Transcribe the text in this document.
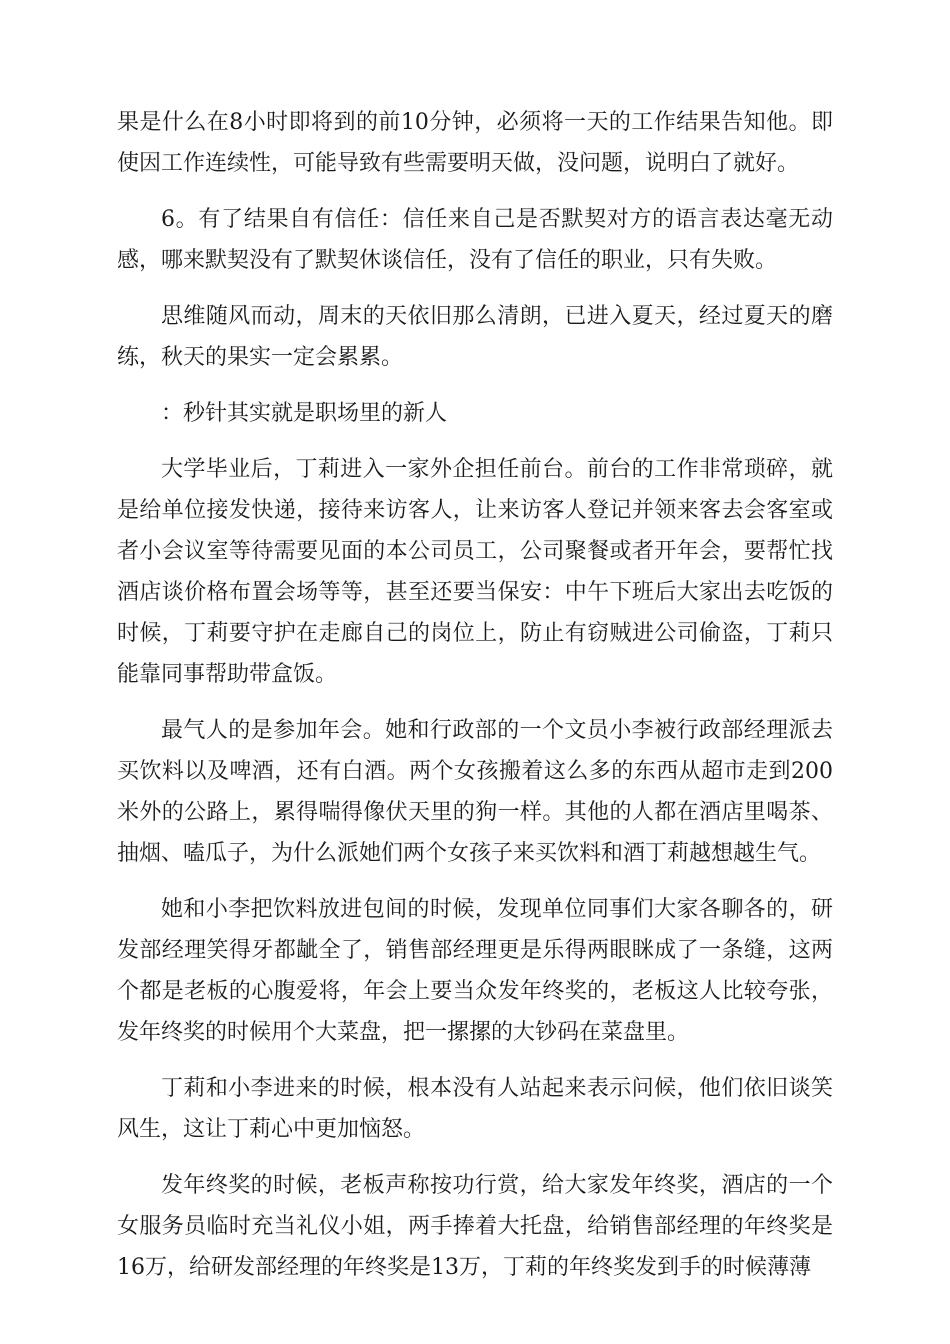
果是什么在8小时即将到的前10分钟，必须将一天的工作结果告知他。即使因工作连续性，可能导致有些需要明天做，没问题，说明白了就好。

6。有了结果自有信任：信任来自己是否默契对方的语言表达毫无动感，哪来默契没有了默契休谈信任，没有了信任的职业，只有失败。

思维随风而动，周末的天依旧那么清朗，已进入夏天，经过夏天的磨练，秋天的果实一定会累累。

：秒针其实就是职场里的新人

大学毕业后，丁莉进入一家外企担任前台。前台的工作非常琐碎，就是给单位接发快递，接待来访客人，让来访客人登记并领来客去会客室或者小会议室等待需要见面的本公司员工，公司聚餐或者开年会，要帮忙找酒店谈价格布置会场等等，甚至还要当保安：中午下班后大家出去吃饭的时候，丁莉要守护在走廊自己的岗位上，防止有窃贼进公司偷盗，丁莉只能靠同事帮助带盒饭。

最气人的是参加年会。她和行政部的一个文员小李被行政部经理派去买饮料以及啤酒，还有白酒。两个女孩搬着这么多的东西从超市走到200米外的公路上，累得喘得像伏天里的狗一样。其他的人都在酒店里喝茶、抽烟、嗑瓜子，为什么派她们两个女孩子来买饮料和酒丁莉越想越生气。

她和小李把饮料放进包间的时候，发现单位同事们大家各聊各的，研发部经理笑得牙都龇全了，销售部经理更是乐得两眼眯成了一条缝，这两个都是老板的心腹爱将，年会上要当众发年终奖的，老板这人比较夸张，发年终奖的时候用个大菜盘，把一摞摞的大钞码在菜盘里。

丁莉和小李进来的时候，根本没有人站起来表示问候，他们依旧谈笑风生，这让丁莉心中更加恼怒。

发年终奖的时候，老板声称按功行赏，给大家发年终奖，酒店的一个女服务员临时充当礼仪小姐，两手捧着大托盘，给销售部经理的年终奖是16万，给研发部经理的年终奖是13万，丁莉的年终奖发到手的时候薄薄
